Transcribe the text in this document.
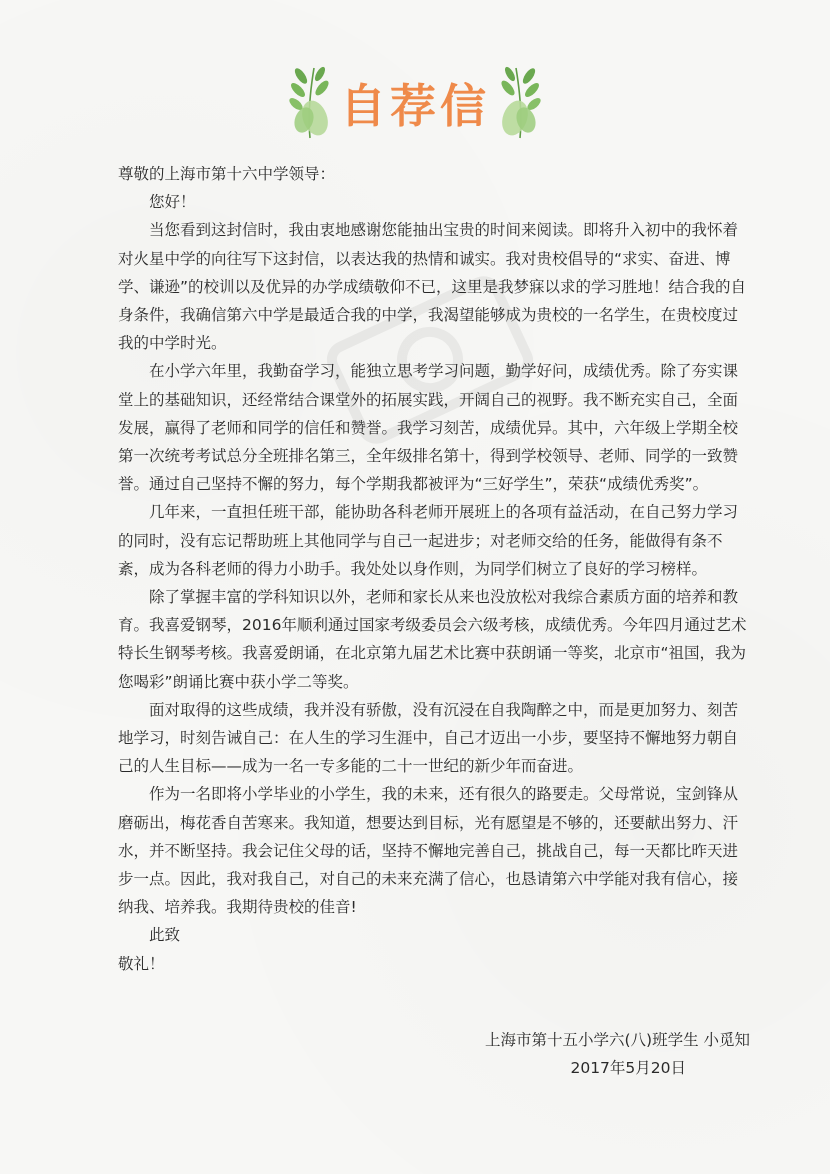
自荐信

尊敬的上海市第十六中学领导：

您好！

当您看到这封信时，我由衷地感谢您能抽出宝贵的时间来阅读。即将升入初中的我怀着对火星中学的向往写下这封信，以表达我的热情和诚实。我对贵校倡导的“求实、奋进、博学、谦逊”的校训以及优异的办学成绩敬仰不已，这里是我梦寐以求的学习胜地！结合我的自身条件，我确信第六中学是最适合我的中学，我渴望能够成为贵校的一名学生，在贵校度过我的中学时光。

在小学六年里，我勤奋学习，能独立思考学习问题，勤学好问，成绩优秀。除了夯实课堂上的基础知识，还经常结合课堂外的拓展实践，开阔自己的视野。我不断充实自己，全面发展，赢得了老师和同学的信任和赞誉。我学习刻苦，成绩优异。其中，六年级上学期全校第一次统考考试总分全班排名第三，全年级排名第十，得到学校领导、老师、同学的一致赞誉。通过自己坚持不懈的努力，每个学期我都被评为“三好学生”，荣获“成绩优秀奖”。

几年来，一直担任班干部，能协助各科老师开展班上的各项有益活动，在自己努力学习的同时，没有忘记帮助班上其他同学与自己一起进步；对老师交给的任务，能做得有条不紊，成为各科老师的得力小助手。我处处以身作则，为同学们树立了良好的学习榜样。

除了掌握丰富的学科知识以外，老师和家长从来也没放松对我综合素质方面的培养和教育。我喜爱钢琴，2016年顺利通过国家考级委员会六级考核，成绩优秀。今年四月通过艺术特长生钢琴考核。我喜爱朗诵，在北京第九届艺术比赛中获朗诵一等奖，北京市“祖国，我为您喝彩”朗诵比赛中获小学二等奖。

面对取得的这些成绩，我并没有骄傲，没有沉浸在自我陶醉之中，而是更加努力、刻苦地学习，时刻告诫自己：在人生的学习生涯中，自己才迈出一小步，要坚持不懈地努力朝自己的人生目标——成为一名一专多能的二十一世纪的新少年而奋进。

作为一名即将小学毕业的小学生，我的未来，还有很久的路要走。父母常说，宝剑锋从磨砺出，梅花香自苦寒来。我知道，想要达到目标，光有愿望是不够的，还要献出努力、汗水，并不断坚持。我会记住父母的话，坚持不懈地完善自己，挑战自己，每一天都比昨天进步一点。因此，我对我自己，对自己的未来充满了信心，也恳请第六中学能对我有信心，接纳我、培养我。我期待贵校的佳音!

此致

敬礼！

上海市第十五小学六(八)班学生 小觅知
2017年5月20日
